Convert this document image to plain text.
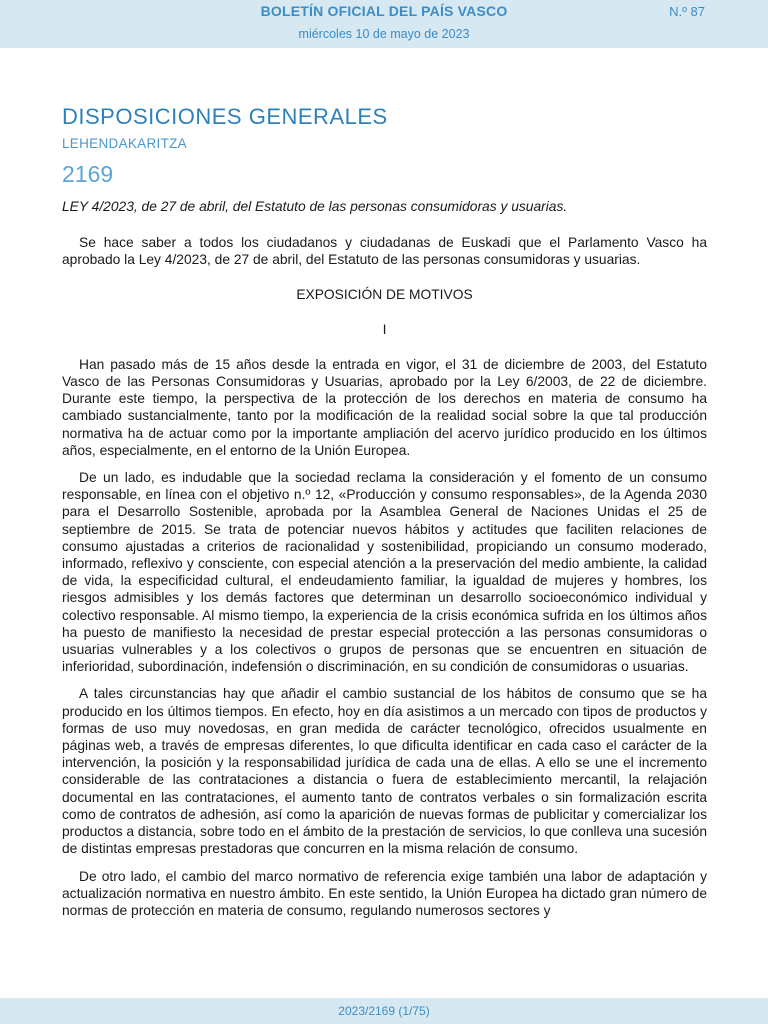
BOLETÍN OFICIAL DEL PAÍS VASCO	N.º 87
miércoles 10 de mayo de 2023
DISPOSICIONES GENERALES
LEHENDAKARITZA
2169
LEY 4/2023, de 27 de abril, del Estatuto de las personas consumidoras y usuarias.

Se hace saber a todos los ciudadanos y ciudadanas de Euskadi que el Parlamento Vasco ha aprobado la Ley 4/2023, de 27 de abril, del Estatuto de las personas consumidoras y usuarias.

EXPOSICIÓN DE MOTIVOS

I

Han pasado más de 15 años desde la entrada en vigor, el 31 de diciembre de 2003, del Estatuto Vasco de las Personas Consumidoras y Usuarias, aprobado por la Ley 6/2003, de 22 de diciembre. Durante este tiempo, la perspectiva de la protección de los derechos en materia de consumo ha cambiado sustancialmente, tanto por la modificación de la realidad social sobre la que tal producción normativa ha de actuar como por la importante ampliación del acervo jurídico producido en los últimos años, especialmente, en el entorno de la Unión Europea.

De un lado, es indudable que la sociedad reclama la consideración y el fomento de un consumo responsable, en línea con el objetivo n.º 12, «Producción y consumo responsables», de la Agenda 2030 para el Desarrollo Sostenible, aprobada por la Asamblea General de Naciones Unidas el 25 de septiembre de 2015. Se trata de potenciar nuevos hábitos y actitudes que faciliten relaciones de consumo ajustadas a criterios de racionalidad y sostenibilidad, propiciando un consumo moderado, informado, reflexivo y consciente, con especial atención a la preservación del medio ambiente, la calidad de vida, la especificidad cultural, el endeudamiento familiar, la igualdad de mujeres y hombres, los riesgos admisibles y los demás factores que determinan un desarrollo socioeconómico individual y colectivo responsable. Al mismo tiempo, la experiencia de la crisis económica sufrida en los últimos años ha puesto de manifiesto la necesidad de prestar especial protección a las personas consumidoras o usuarias vulnerables y a los colectivos o grupos de personas que se encuentren en situación de inferioridad, subordinación, indefensión o discriminación, en su condición de consumidoras o usuarias.

A tales circunstancias hay que añadir el cambio sustancial de los hábitos de consumo que se ha producido en los últimos tiempos. En efecto, hoy en día asistimos a un mercado con tipos de productos y formas de uso muy novedosas, en gran medida de carácter tecnológico, ofrecidos usualmente en páginas web, a través de empresas diferentes, lo que dificulta identificar en cada caso el carácter de la intervención, la posición y la responsabilidad jurídica de cada una de ellas. A ello se une el incremento considerable de las contrataciones a distancia o fuera de establecimiento mercantil, la relajación documental en las contrataciones, el aumento tanto de contratos verbales o sin formalización escrita como de contratos de adhesión, así como la aparición de nuevas formas de publicitar y comercializar los productos a distancia, sobre todo en el ámbito de la prestación de servicios, lo que conlleva una sucesión de distintas empresas prestadoras que concurren en la misma relación de consumo.

De otro lado, el cambio del marco normativo de referencia exige también una labor de adaptación y actualización normativa en nuestro ámbito. En este sentido, la Unión Europea ha dictado gran número de normas de protección en materia de consumo, regulando numerosos sectores y

2023/2169 (1/75)
